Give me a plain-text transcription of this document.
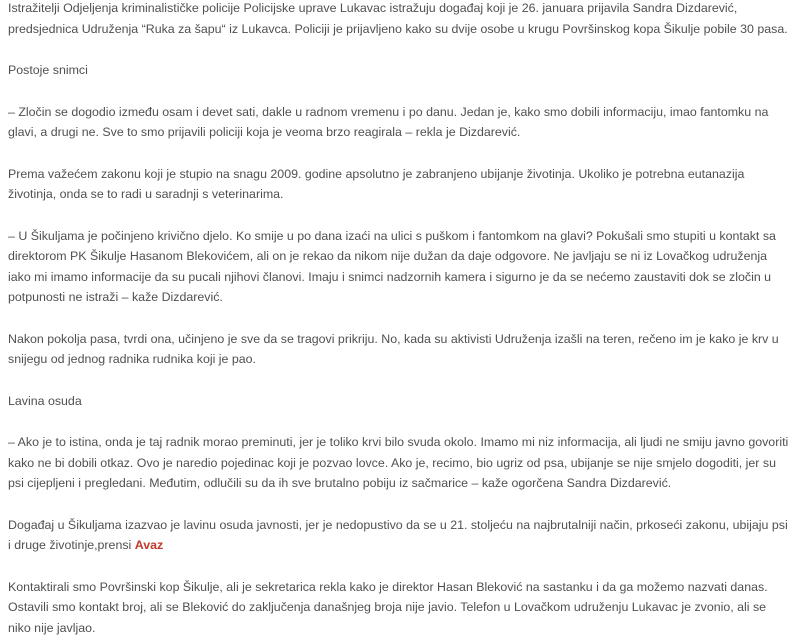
Istražitelji Odjeljenja kriminalističke policije Policijske uprave Lukavac istražuju događaj koji je 26. januara prijavila Sandra Dizdarević, predsjednica Udruženja “Ruka za šapu“ iz Lukavca. Policiji je prijavljeno kako su dvije osobe u krugu Površinskog kopa Šikulje pobile 30 pasa.

Postoje snimci

– Zločin se dogodio između osam i devet sati, dakle u radnom vremenu i po danu. Jedan je, kako smo dobili informaciju, imao fantomku na glavi, a drugi ne. Sve to smo prijavili policiji koja je veoma brzo reagirala – rekla je Dizdarević.

Prema važećem zakonu koji je stupio na snagu 2009. godine apsolutno je zabranjeno ubijanje životinja. Ukoliko je potrebna eutanazija životinja, onda se to radi u saradnji s veterinarima.

– U Šikuljama je počinjeno krivično djelo. Ko smije u po dana izaći na ulici s puškom i fantomkom na glavi? Pokušali smo stupiti u kontakt sa direktorom PK Šikulje Hasanom Blekovićem, ali on je rekao da nikom nije dužan da daje odgovore. Ne javljaju se ni iz Lovačkog udruženja iako mi imamo informacije da su pucali njihovi članovi. Imaju i snimci nadzornih kamera i sigurno je da se nećemo zaustaviti dok se zločin u potpunosti ne istraži – kaže Dizdarević.

Nakon pokolja pasa, tvrdi ona, učinjeno je sve da se tragovi prikriju. No, kada su aktivisti Udruženja izašli na teren, rečeno im je kako je krv u snijegu od jednog radnika rudnika koji je pao.

Lavina osuda

– Ako je to istina, onda je taj radnik morao preminuti, jer je toliko krvi bilo svuda okolo. Imamo mi niz informacija, ali ljudi ne smiju javno govoriti kako ne bi dobili otkaz. Ovo je naredio pojedinac koji je pozvao lovce. Ako je, recimo, bio ugriz od psa, ubijanje se nije smjelo dogoditi, jer su psi cijepljeni i pregledani. Međutim, odlučili su da ih sve brutalno pobiju iz sačmarice – kaže ogorčena Sandra Dizdarević.

Događaj u Šikuljama izazvao je lavinu osuda javnosti, jer je nedopustivo da se u 21. stoljeću na najbrutalniji način, prkoseći zakonu, ubijaju psi i druge životinje,prensi Avaz

Kontaktirali smo Površinski kop Šikulje, ali je sekretarica rekla kako je direktor Hasan Bleković na sastanku i da ga možemo nazvati danas. Ostavili smo kontakt broj, ali se Bleković do zaključenja današnjeg broja nije javio. Telefon u Lovačkom udruženju Lukavac je zvonio, ali se niko nije javljao.
